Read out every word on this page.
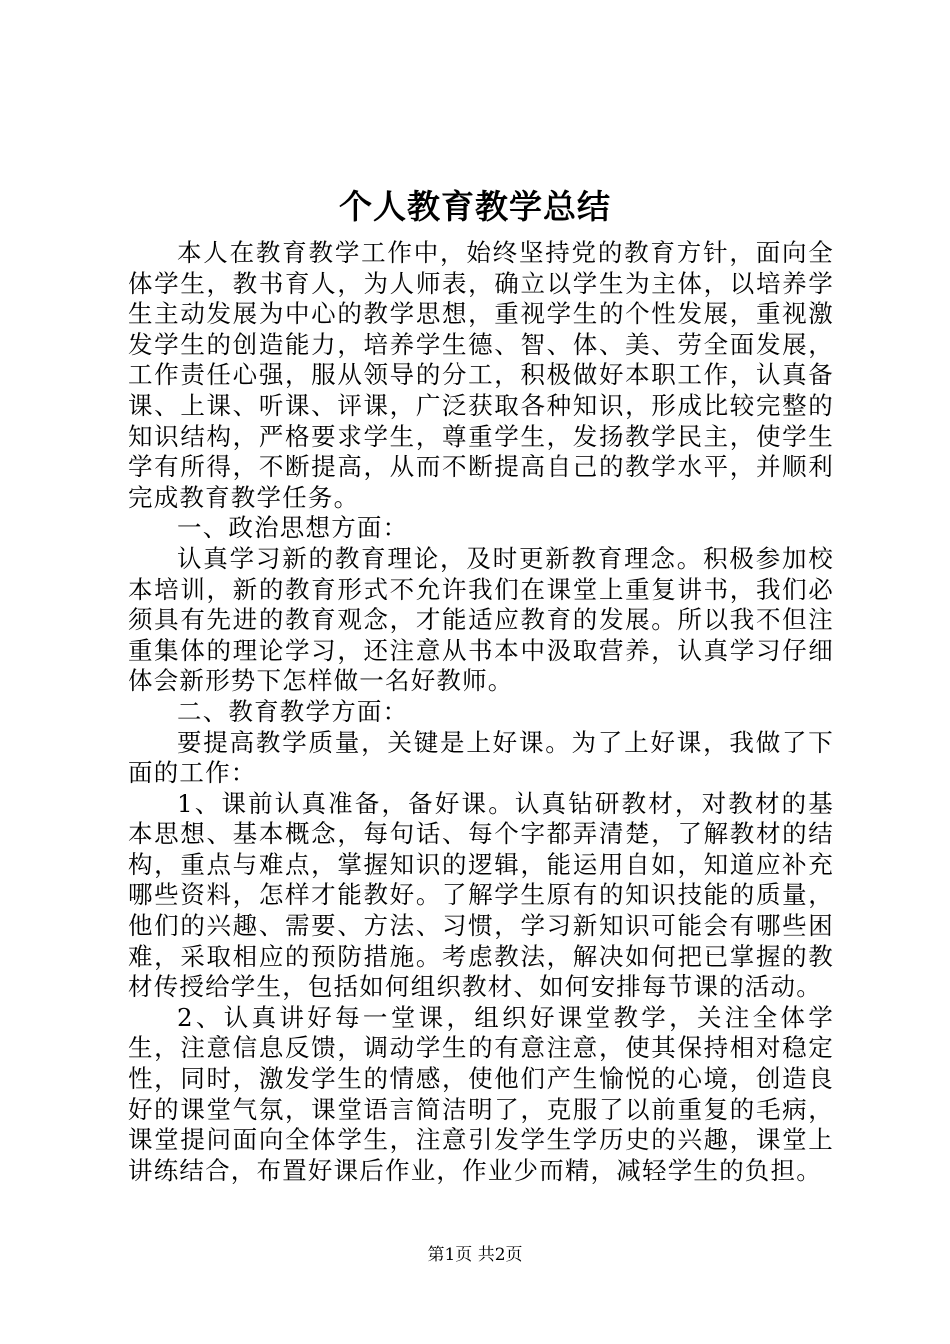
个人教育教学总结

本人在教育教学工作中，始终坚持党的教育方针，面向全体学生，教书育人，为人师表，确立以学生为主体，以培养学生主动发展为中心的教学思想，重视学生的个性发展，重视激发学生的创造能力，培养学生德、智、体、美、劳全面发展，工作责任心强，服从领导的分工，积极做好本职工作，认真备课、上课、听课、评课，广泛获取各种知识，形成比较完整的知识结构，严格要求学生，尊重学生，发扬教学民主，使学生学有所得，不断提高，从而不断提高自己的教学水平，并顺利完成教育教学任务。

一、政治思想方面：

认真学习新的教育理论，及时更新教育理念。积极参加校本培训，新的教育形式不允许我们在课堂上重复讲书，我们必须具有先进的教育观念，才能适应教育的发展。所以我不但注重集体的理论学习，还注意从书本中汲取营养，认真学习仔细体会新形势下怎样做一名好教师。

二、教育教学方面：

要提高教学质量，关键是上好课。为了上好课，我做了下面的工作：

1、课前认真准备，备好课。认真钻研教材，对教材的基本思想、基本概念，每句话、每个字都弄清楚，了解教材的结构，重点与难点，掌握知识的逻辑，能运用自如，知道应补充哪些资料，怎样才能教好。了解学生原有的知识技能的质量，他们的兴趣、需要、方法、习惯，学习新知识可能会有哪些困难，采取相应的预防措施。考虑教法，解决如何把已掌握的教材传授给学生，包括如何组织教材、如何安排每节课的活动。

2、认真讲好每一堂课，组织好课堂教学，关注全体学生，注意信息反馈，调动学生的有意注意，使其保持相对稳定性，同时，激发学生的情感，使他们产生愉悦的心境，创造良好的课堂气氛，课堂语言简洁明了，克服了以前重复的毛病，课堂提问面向全体学生，注意引发学生学历史的兴趣，课堂上讲练结合，布置好课后作业，作业少而精，减轻学生的负担。

第1页 共2页
